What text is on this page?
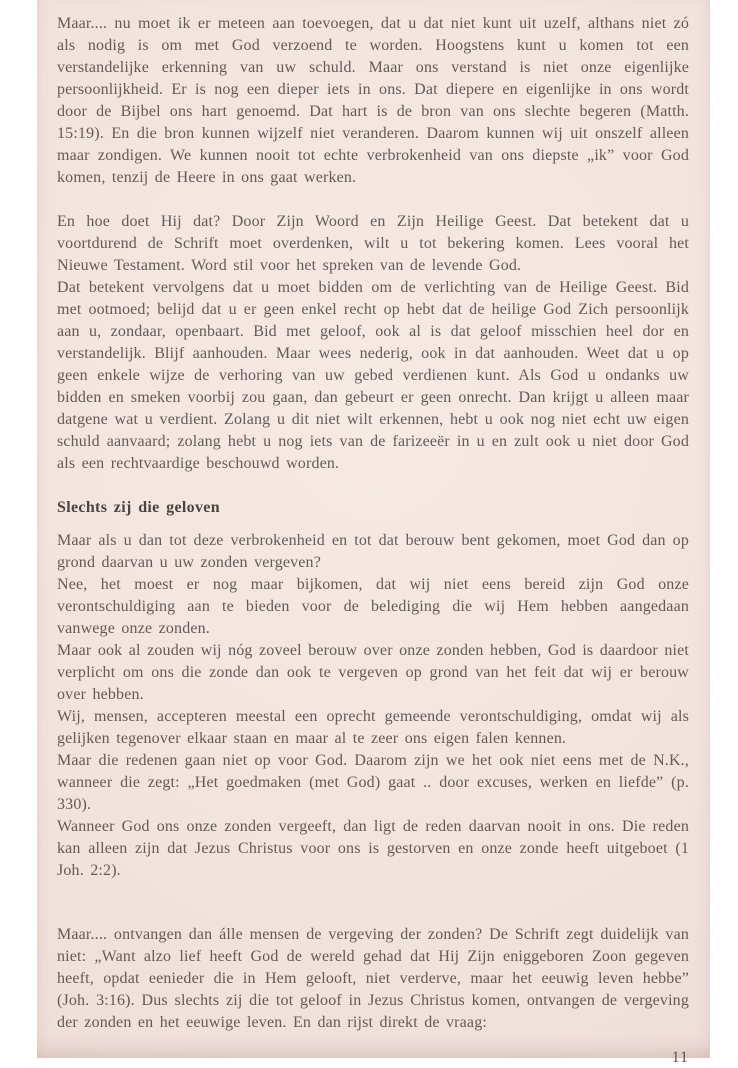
Maar.... nu moet ik er meteen aan toevoegen, dat u dat niet kunt uit uzelf, althans niet zó als nodig is om met God verzoend te worden. Hoogstens kunt u komen tot een verstandelijke erkenning van uw schuld. Maar ons verstand is niet onze eigenlijke persoonlijkheid. Er is nog een dieper iets in ons. Dat diepere en eigenlijke in ons wordt door de Bijbel ons hart genoemd. Dat hart is de bron van ons slechte begeren (Matth. 15:19). En die bron kunnen wijzelf niet veranderen. Daarom kunnen wij uit onszelf alleen maar zondigen. We kunnen nooit tot echte verbrokenheid van ons diepste „ik” voor God komen, tenzij de Heere in ons gaat werken.

En hoe doet Hij dat? Door Zijn Woord en Zijn Heilige Geest. Dat betekent dat u voortdurend de Schrift moet overdenken, wilt u tot bekering komen. Lees vooral het Nieuwe Testament. Word stil voor het spreken van de levende God.

Dat betekent vervolgens dat u moet bidden om de verlichting van de Heilige Geest. Bid met ootmoed; belijd dat u er geen enkel recht op hebt dat de heilige God Zich persoonlijk aan u, zondaar, openbaart. Bid met geloof, ook al is dat geloof misschien heel dor en verstandelijk. Blijf aanhouden. Maar wees nederig, ook in dat aanhouden. Weet dat u op geen enkele wijze de verhoring van uw gebed verdienen kunt. Als God u ondanks uw bidden en smeken voorbij zou gaan, dan gebeurt er geen onrecht. Dan krijgt u alleen maar datgene wat u verdient. Zolang u dit niet wilt erkennen, hebt u ook nog niet echt uw eigen schuld aanvaard; zolang hebt u nog iets van de farizeeër in u en zult ook u niet door God als een rechtvaardige beschouwd worden.

Slechts zij die geloven

Maar als u dan tot deze verbrokenheid en tot dat berouw bent gekomen, moet God dan op grond daarvan u uw zonden vergeven?

Nee, het moest er nog maar bijkomen, dat wij niet eens bereid zijn God onze verontschuldiging aan te bieden voor de belediging die wij Hem hebben aangedaan vanwege onze zonden.

Maar ook al zouden wij nóg zoveel berouw over onze zonden hebben, God is daardoor niet verplicht om ons die zonde dan ook te vergeven op grond van het feit dat wij er berouw over hebben.

Wij, mensen, accepteren meestal een oprecht gemeende verontschuldiging, omdat wij als gelijken tegenover elkaar staan en maar al te zeer ons eigen falen kennen.

Maar die redenen gaan niet op voor God. Daarom zijn we het ook niet eens met de N.K., wanneer die zegt: „Het goedmaken (met God) gaat .. door excuses, werken en liefde” (p. 330).

Wanneer God ons onze zonden vergeeft, dan ligt de reden daarvan nooit in ons. Die reden kan alleen zijn dat Jezus Christus voor ons is gestorven en onze zonde heeft uitgeboet (1 Joh. 2:2).

Maar.... ontvangen dan álle mensen de vergeving der zonden? De Schrift zegt duidelijk van niet: „Want alzo lief heeft God de wereld gehad dat Hij Zijn eniggeboren Zoon gegeven heeft, opdat eenieder die in Hem gelooft, niet verderve, maar het eeuwig leven hebbe” (Joh. 3:16). Dus slechts zij die tot geloof in Jezus Christus komen, ontvangen de vergeving der zonden en het eeuwige leven. En dan rijst direkt de vraag:

11
